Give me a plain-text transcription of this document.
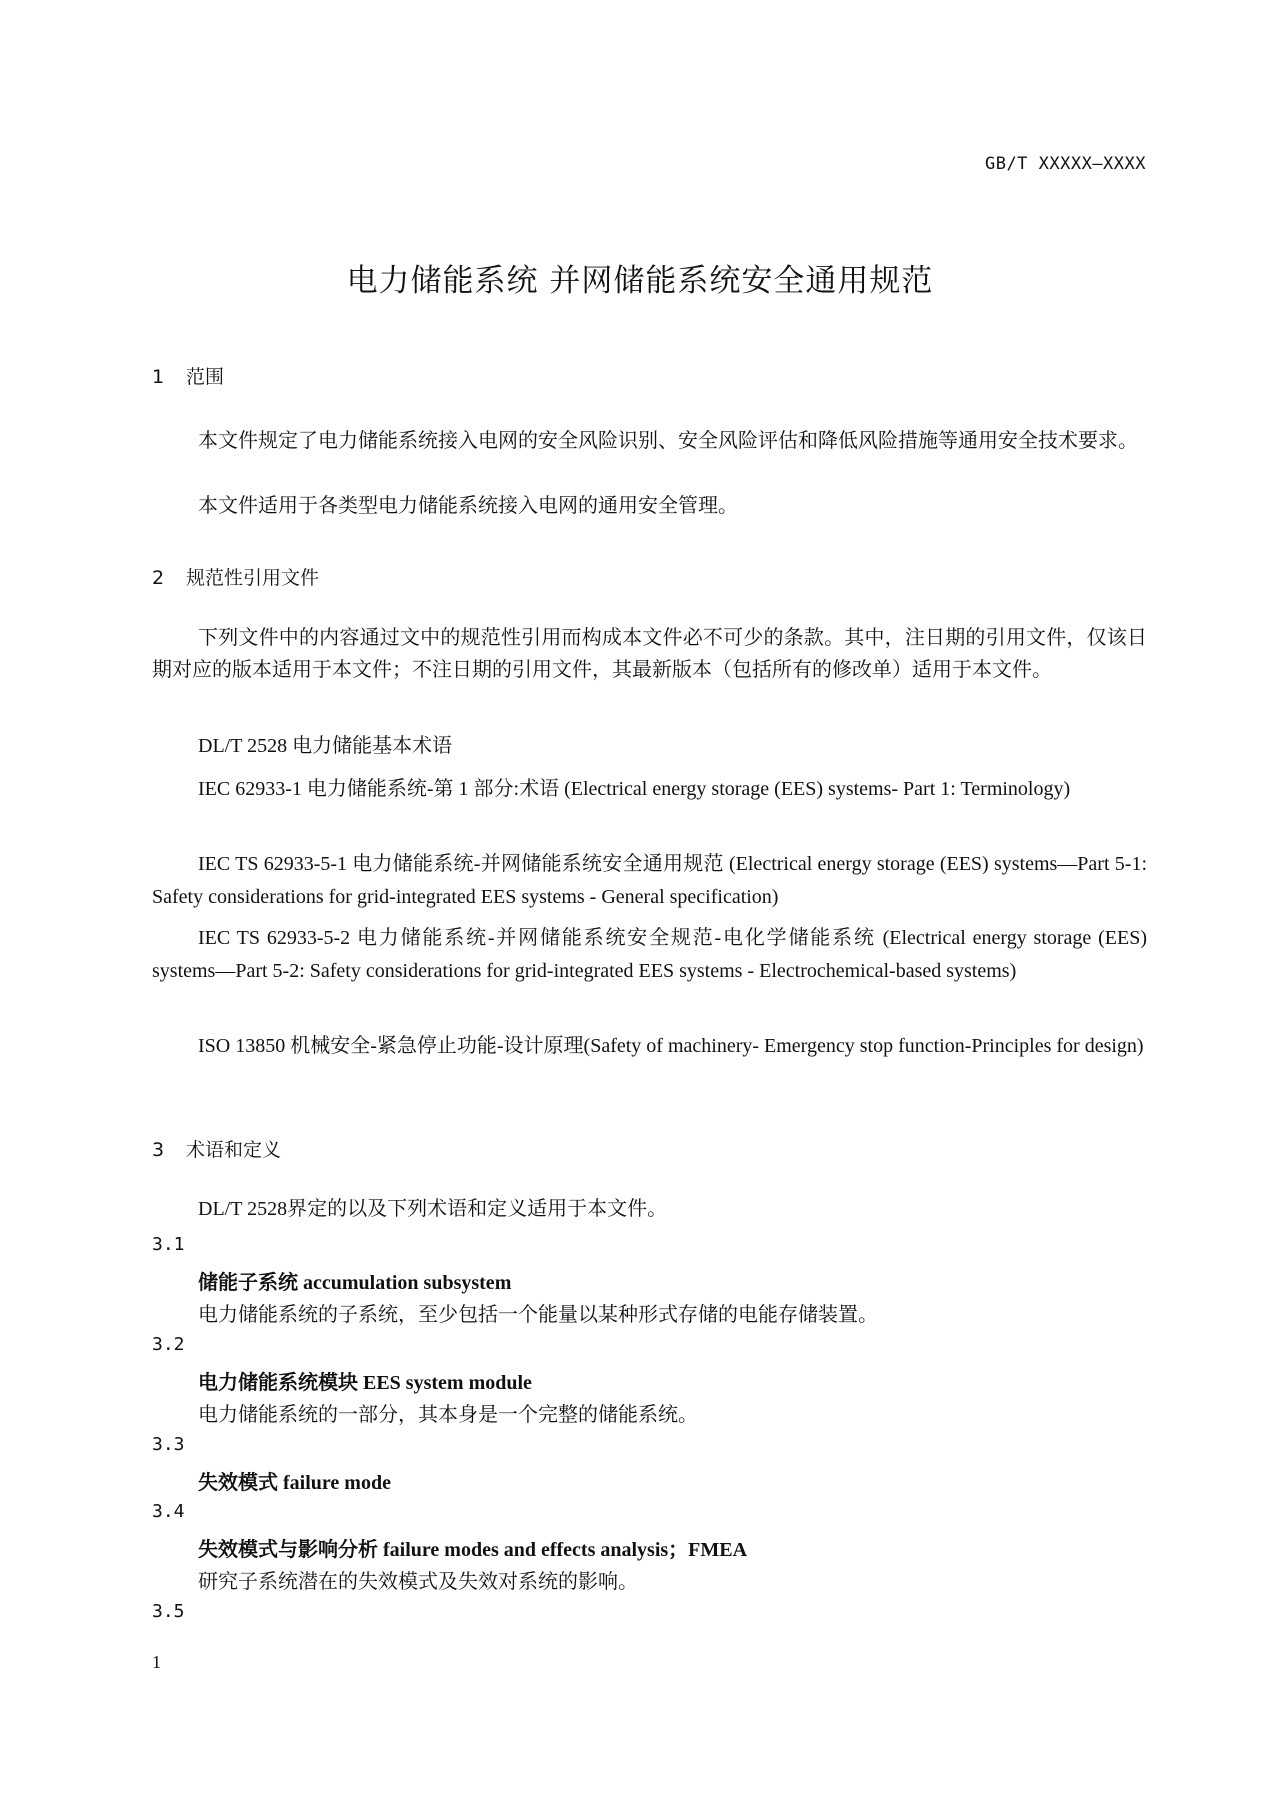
GB/T XXXXX—XXXX
电力储能系统 并网储能系统安全通用规范
1 范围

本文件规定了电力储能系统接入电网的安全风险识别、安全风险评估和降低风险措施等通用安全技术要求。

本文件适用于各类型电力储能系统接入电网的通用安全管理。

2 规范性引用文件

下列文件中的内容通过文中的规范性引用而构成本文件必不可少的条款。其中，注日期的引用文件，仅该日期对应的版本适用于本文件；不注日期的引用文件，其最新版本（包括所有的修改单）适用于本文件。

DL/T 2528 电力储能基本术语

IEC 62933-1 电力储能系统-第 1 部分:术语 (Electrical energy storage (EES) systems- Part 1: Terminology)

IEC TS 62933-5-1 电力储能系统-并网储能系统安全通用规范 (Electrical energy storage (EES) systems—Part 5-1: Safety considerations for grid-integrated EES systems - General specification)

IEC TS 62933-5-2 电力储能系统-并网储能系统安全规范-电化学储能系统 (Electrical energy storage (EES) systems—Part 5-2: Safety considerations for grid-integrated EES systems - Electrochemical-based systems)

ISO 13850 机械安全-紧急停止功能-设计原理(Safety of machinery- Emergency stop function-Principles for design)

3 术语和定义

DL/T 2528界定的以及下列术语和定义适用于本文件。

3.1
储能子系统 accumulation subsystem
电力储能系统的子系统，至少包括一个能量以某种形式存储的电能存储装置。
3.2
电力储能系统模块 EES system module
电力储能系统的一部分，其本身是一个完整的储能系统。
3.3
失效模式 failure mode
3.4
失效模式与影响分析 failure modes and effects analysis；FMEA
研究子系统潜在的失效模式及失效对系统的影响。
3.5
1
